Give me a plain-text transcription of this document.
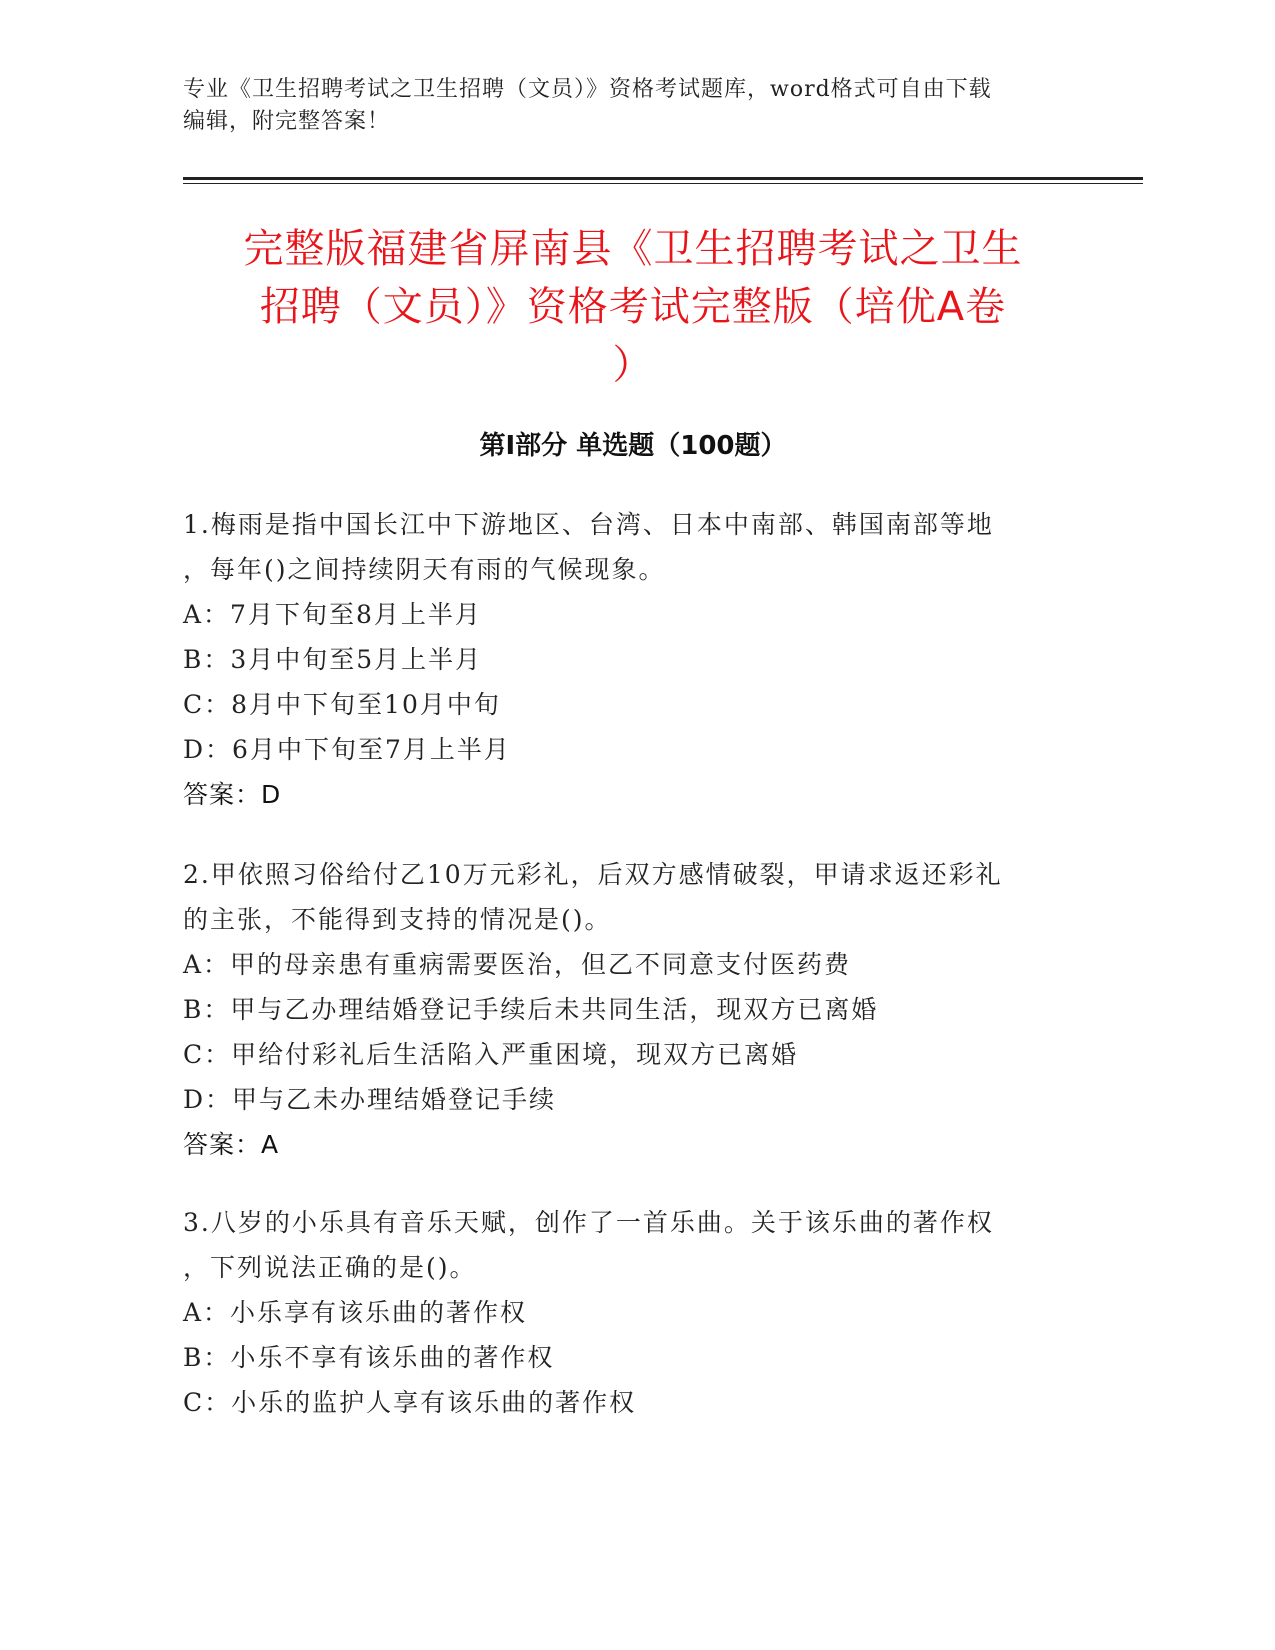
专业《卫生招聘考试之卫生招聘（文员）》资格考试题库，word格式可自由下载
编辑，附完整答案！
完整版福建省屏南县《卫生招聘考试之卫生
招聘（文员）》资格考试完整版（培优A卷
）
第Ⅰ部分 单选题（100题）
1.梅雨是指中国长江中下游地区、台湾、日本中南部、韩国南部等地
，每年()之间持续阴天有雨的气候现象。
A：7月下旬至8月上半月
B：3月中旬至5月上半月
C：8月中下旬至10月中旬
D：6月中下旬至7月上半月
答案：D
2.甲依照习俗给付乙10万元彩礼，后双方感情破裂，甲请求返还彩礼
的主张，不能得到支持的情况是()。
A：甲的母亲患有重病需要医治，但乙不同意支付医药费
B：甲与乙办理结婚登记手续后未共同生活，现双方已离婚
C：甲给付彩礼后生活陷入严重困境，现双方已离婚
D：甲与乙未办理结婚登记手续
答案：A
3.八岁的小乐具有音乐天赋，创作了一首乐曲。关于该乐曲的著作权
，下列说法正确的是()。
A：小乐享有该乐曲的著作权
B：小乐不享有该乐曲的著作权
C：小乐的监护人享有该乐曲的著作权
